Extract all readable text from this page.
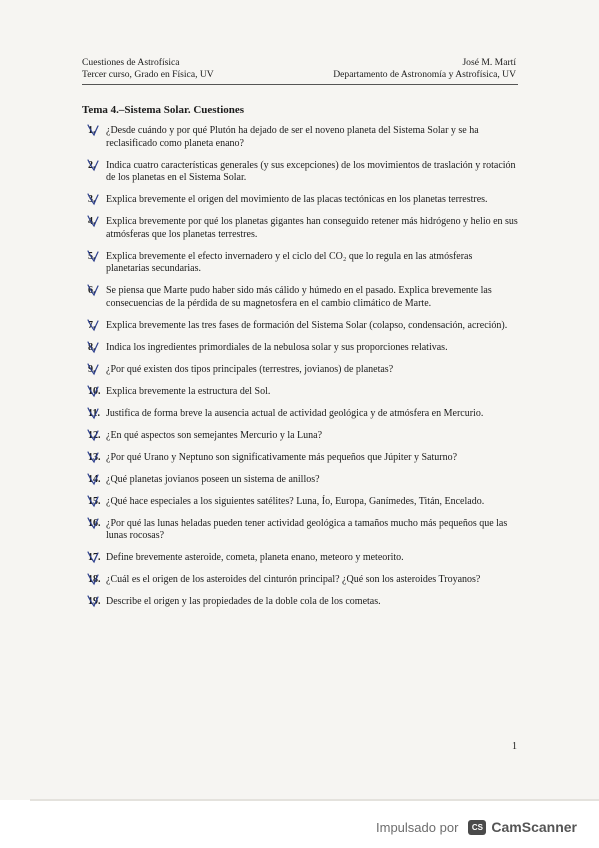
Cuestiones de Astrofísica
Tercer curso, Grado en Física, UV
José M. Martí
Departamento de Astronomía y Astrofísica, UV
Tema 4.–Sistema Solar. Cuestiones
1. ¿Desde cuándo y por qué Plutón ha dejado de ser el noveno planeta del Sistema Solar y se ha reclasificado como planeta enano?
2. Indica cuatro características generales (y sus excepciones) de los movimientos de traslación y rotación de los planetas en el Sistema Solar.
3. Explica brevemente el origen del movimiento de las placas tectónicas en los planetas terrestres.
4. Explica brevemente por qué los planetas gigantes han conseguido retener más hidrógeno y helio en sus atmósferas que los planetas terrestres.
5. Explica brevemente el efecto invernadero y el ciclo del CO₂ que lo regula en las atmósferas planetarias secundarias.
6. Se piensa que Marte pudo haber sido más cálido y húmedo en el pasado. Explica brevemente las consecuencias de la pérdida de su magnetosfera en el cambio climático de Marte.
7. Explica brevemente las tres fases de formación del Sistema Solar (colapso, condensación, acreción).
8. Indica los ingredientes primordiales de la nebulosa solar y sus proporciones relativas.
9. ¿Por qué existen dos tipos principales (terrestres, jovianos) de planetas?
10. Explica brevemente la estructura del Sol.
11. Justifica de forma breve la ausencia actual de actividad geológica y de atmósfera en Mercurio.
12. ¿En qué aspectos son semejantes Mercurio y la Luna?
13. ¿Por qué Urano y Neptuno son significativamente más pequeños que Júpiter y Saturno?
14. ¿Qué planetas jovianos poseen un sistema de anillos?
15. ¿Qué hace especiales a los siguientes satélites? Luna, Ío, Europa, Ganímedes, Titán, Encelado.
16. ¿Por qué las lunas heladas pueden tener actividad geológica a tamaños mucho más pequeños que las lunas rocosas?
17. Define brevemente asteroide, cometa, planeta enano, meteoro y meteorito.
18. ¿Cuál es el origen de los asteroides del cinturón principal? ¿Qué son los asteroides Troyanos?
19. Describe el origen y las propiedades de la doble cola de los cometas.
1
Impulsado por	CS CamScanner
